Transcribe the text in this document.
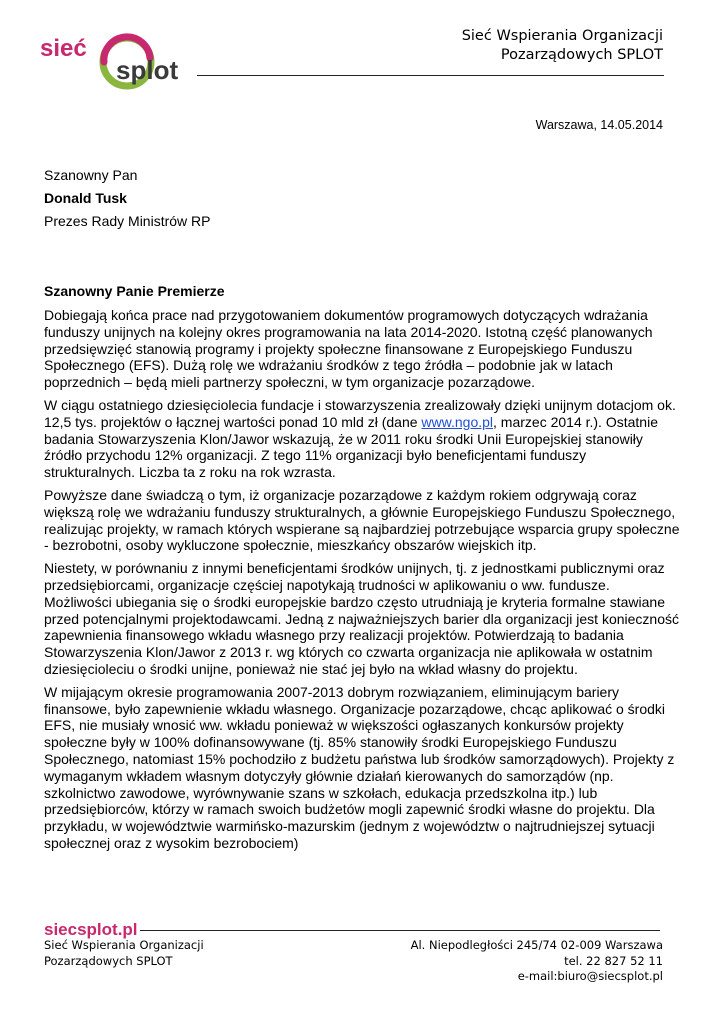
sieć
splot
Sieć Wspierania Organizacji
Pozarządowych SPLOT
Warszawa, 14.05.2014
Szanowny Pan
Donald Tusk
Prezes Rady Ministrów RP
Szanowny Panie Premierze

Dobiegają końca prace nad przygotowaniem dokumentów programowych dotyczących wdrażania funduszy unijnych na kolejny okres programowania na lata 2014-2020. Istotną część planowanych przedsięwzięć stanowią programy i projekty społeczne finansowane z Europejskiego Funduszu Społecznego (EFS). Dużą rolę we wdrażaniu środków z tego źródła – podobnie jak w latach poprzednich – będą mieli partnerzy społeczni, w tym organizacje pozarządowe.

W ciągu ostatniego dziesięciolecia fundacje i stowarzyszenia zrealizowały dzięki unijnym dotacjom ok. 12,5 tys. projektów o łącznej wartości ponad 10 mld zł (dane www.ngo.pl, marzec 2014 r.). Ostatnie badania Stowarzyszenia Klon/Jawor wskazują, że w 2011 roku środki Unii Europejskiej stanowiły źródło przychodu 12% organizacji. Z tego 11% organizacji było beneficjentami funduszy strukturalnych. Liczba ta z roku na rok wzrasta.

Powyższe dane świadczą o tym, iż organizacje pozarządowe z każdym rokiem odgrywają coraz większą rolę we wdrażaniu funduszy strukturalnych, a głównie Europejskiego Funduszu Społecznego, realizując projekty, w ramach których wspierane są najbardziej potrzebujące wsparcia grupy społeczne - bezrobotni, osoby wykluczone społecznie, mieszkańcy obszarów wiejskich itp.

Niestety, w porównaniu z innymi beneficjentami środków unijnych, tj. z jednostkami publicznymi oraz przedsiębiorcami, organizacje częściej napotykają trudności w aplikowaniu o ww. fundusze. Możliwości ubiegania się o środki europejskie bardzo często utrudniają je kryteria formalne stawiane przed potencjalnymi projektodawcami. Jedną z najważniejszych barier dla organizacji jest konieczność zapewnienia finansowego wkładu własnego przy realizacji projektów. Potwierdzają to badania Stowarzyszenia Klon/Jawor z 2013 r. wg których co czwarta organizacja nie aplikowała w ostatnim dziesięcioleciu o środki unijne, ponieważ nie stać jej było na wkład własny do projektu.

W mijającym okresie programowania 2007-2013 dobrym rozwiązaniem, eliminującym bariery finansowe, było zapewnienie wkładu własnego. Organizacje pozarządowe, chcąc aplikować o środki EFS, nie musiały wnosić ww. wkładu ponieważ w większości ogłaszanych konkursów projekty społeczne były w 100% dofinansowywane (tj. 85% stanowiły środki Europejskiego Funduszu Społecznego, natomiast 15% pochodziło z budżetu państwa lub środków samorządowych). Projekty z wymaganym wkładem własnym dotyczyły głównie działań kierowanych do samorządów (np. szkolnictwo zawodowe, wyrównywanie szans w szkołach, edukacja przedszkolna itp.) lub przedsiębiorców, którzy w ramach swoich budżetów mogli zapewnić środki własne do projektu. Dla przykładu, w województwie warmińsko-mazurskim (jednym z województw o najtrudniejszej sytuacji społecznej oraz z wysokim bezrobociem)

siecsplot.pl
Sieć Wspierania Organizacji
Pozarządowych SPLOT
Al. Niepodległości 245/74 02-009 Warszawa
tel. 22 827 52 11
e-mail:biuro@siecsplot.pl
